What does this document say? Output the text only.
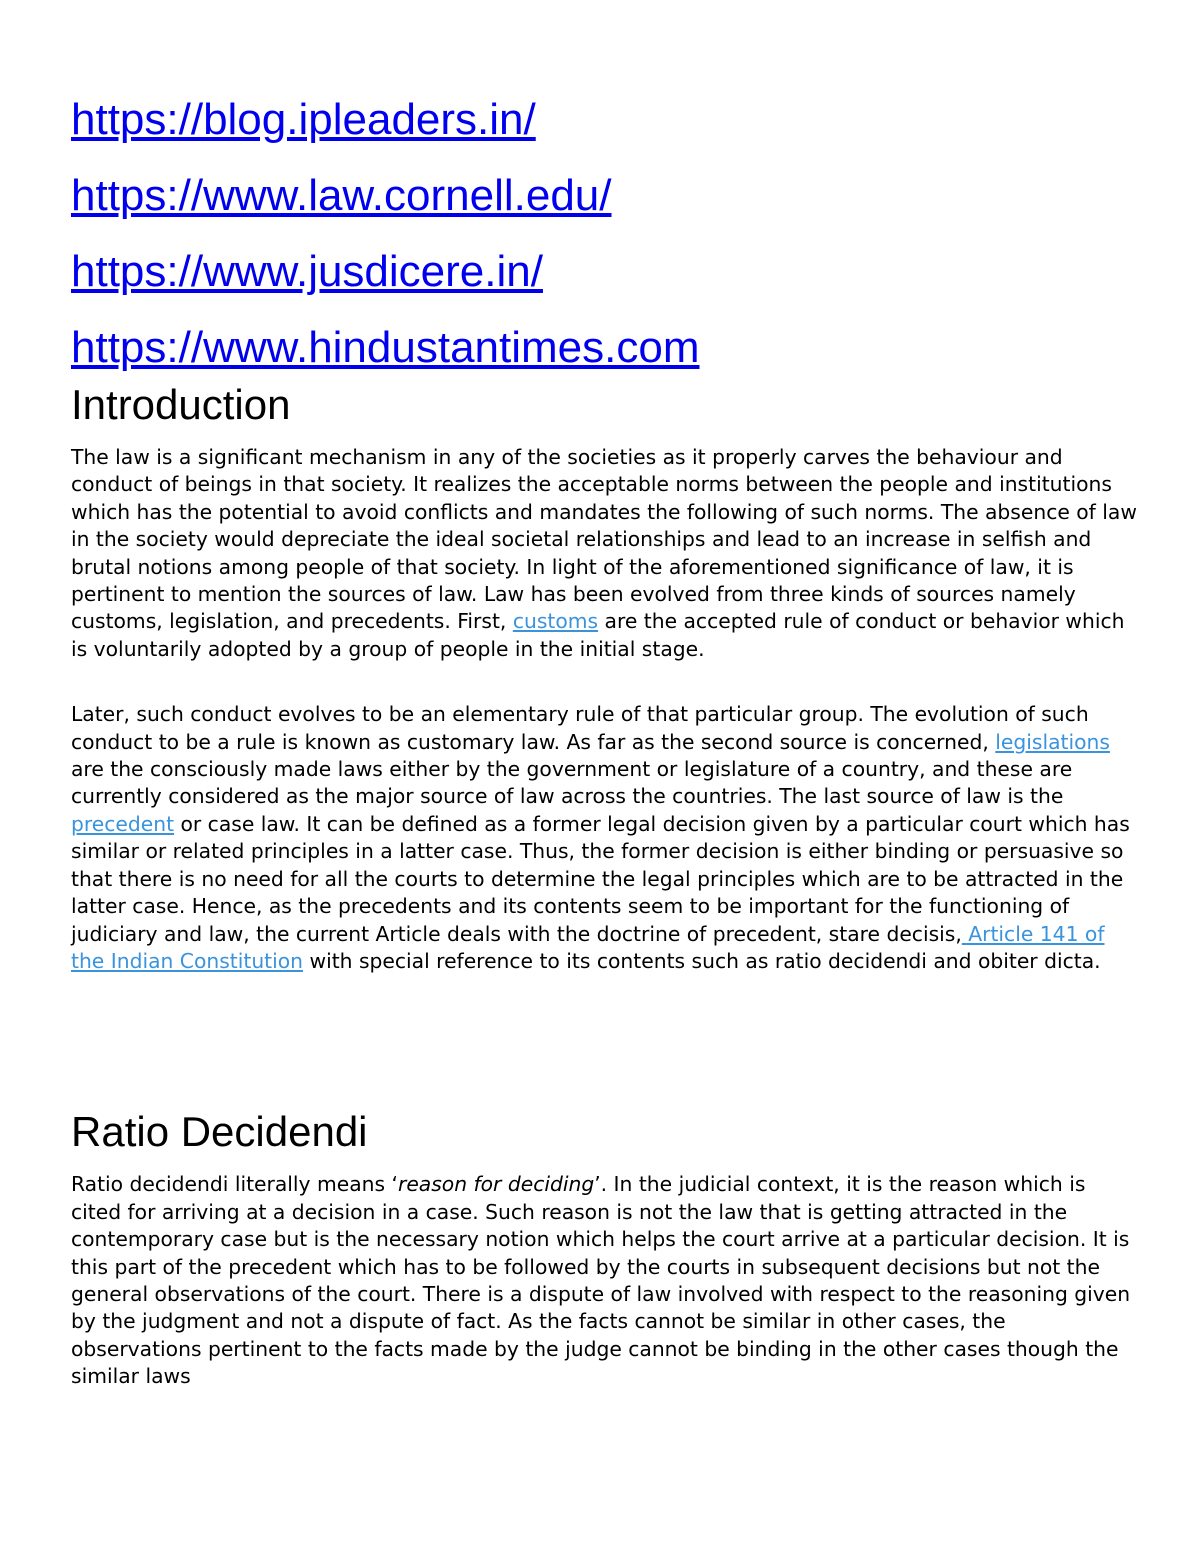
https://blog.ipleaders.in/
https://www.law.cornell.edu/
https://www.jusdicere.in/
https://www.hindustantimes.com
Introduction

The law is a significant mechanism in any of the societies as it properly carves the behaviour and conduct of beings in that society. It realizes the acceptable norms between the people and institutions which has the potential to avoid conflicts and mandates the following of such norms. The absence of law in the society would depreciate the ideal societal relationships and lead to an increase in selfish and brutal notions among people of that society. In light of the aforementioned significance of law, it is pertinent to mention the sources of law. Law has been evolved from three kinds of sources namely customs, legislation, and precedents. First, customs are the accepted rule of conduct or behavior which is voluntarily adopted by a group of people in the initial stage.

Later, such conduct evolves to be an elementary rule of that particular group. The evolution of such conduct to be a rule is known as customary law. As far as the second source is concerned, legislations are the consciously made laws either by the government or legislature of a country, and these are currently considered as the major source of law across the countries. The last source of law is the precedent or case law. It can be defined as a former legal decision given by a particular court which has similar or related principles in a latter case. Thus, the former decision is either binding or persuasive so that there is no need for all the courts to determine the legal principles which are to be attracted in the latter case. Hence, as the precedents and its contents seem to be important for the functioning of judiciary and law, the current Article deals with the doctrine of precedent, stare decisis, Article 141 of the Indian Constitution with special reference to its contents such as ratio decidendi and obiter dicta.

Ratio Decidendi

Ratio decidendi literally means ‘reason for deciding’. In the judicial context, it is the reason which is cited for arriving at a decision in a case. Such reason is not the law that is getting attracted in the contemporary case but is the necessary notion which helps the court arrive at a particular decision. It is this part of the precedent which has to be followed by the courts in subsequent decisions but not the general observations of the court. There is a dispute of law involved with respect to the reasoning given by the judgment and not a dispute of fact. As the facts cannot be similar in other cases, the observations pertinent to the facts made by the judge cannot be binding in the other cases though the similar laws
